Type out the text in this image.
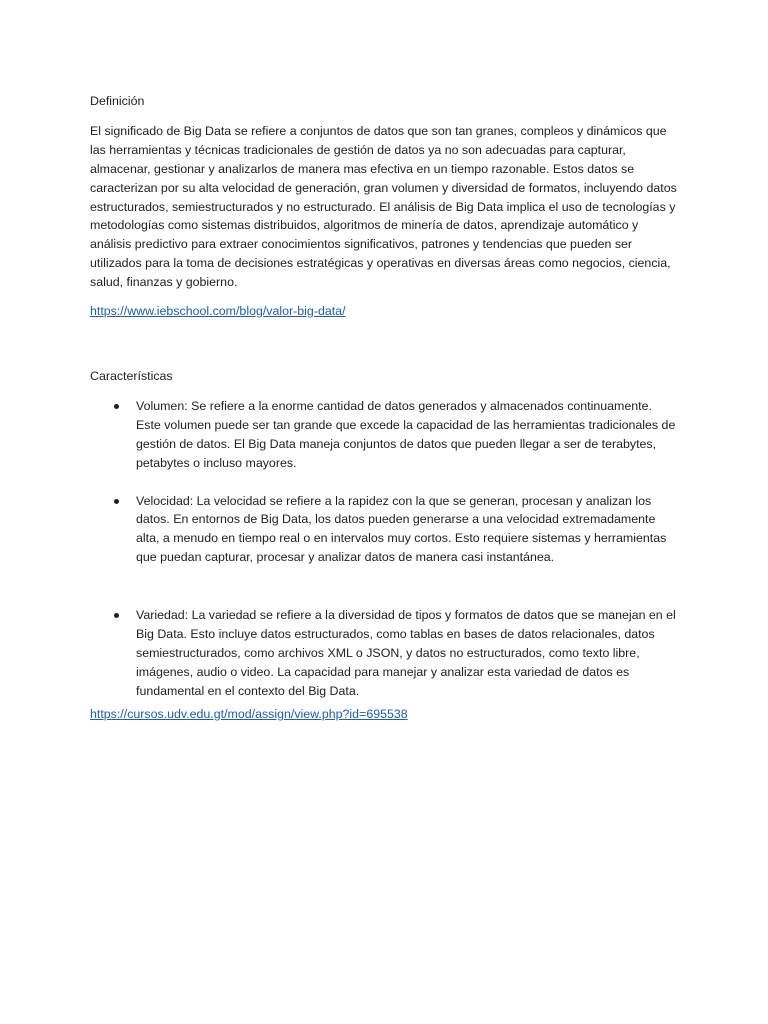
Definición

El significado de Big Data se refiere a conjuntos de datos que son tan granes, compleos y dinámicos que las herramientas y técnicas tradicionales de gestión de datos ya no son adecuadas para capturar, almacenar, gestionar y analizarlos de manera mas efectiva en un tiempo razonable. Estos datos se caracterizan por su alta velocidad de generación, gran volumen y diversidad de formatos, incluyendo datos estructurados, semiestructurados y no estructurado. El análisis de Big Data implica el uso de tecnologías y metodologías como sistemas distribuidos, algoritmos de minería de datos, aprendizaje automático y análisis predictivo para extraer conocimientos significativos, patrones y tendencias que pueden ser utilizados para la toma de decisiones estratégicas y operativas en diversas áreas como negocios, ciencia, salud, finanzas y gobierno.

https://www.iebschool.com/blog/valor-big-data/

Características

Volumen: Se refiere a la enorme cantidad de datos generados y almacenados continuamente. Este volumen puede ser tan grande que excede la capacidad de las herramientas tradicionales de gestión de datos. El Big Data maneja conjuntos de datos que pueden llegar a ser de terabytes, petabytes o incluso mayores.
Velocidad: La velocidad se refiere a la rapidez con la que se generan, procesan y analizan los datos. En entornos de Big Data, los datos pueden generarse a una velocidad extremadamente alta, a menudo en tiempo real o en intervalos muy cortos. Esto requiere sistemas y herramientas que puedan capturar, procesar y analizar datos de manera casi instantánea.
Variedad: La variedad se refiere a la diversidad de tipos y formatos de datos que se manejan en el Big Data. Esto incluye datos estructurados, como tablas en bases de datos relacionales, datos semiestructurados, como archivos XML o JSON, y datos no estructurados, como texto libre, imágenes, audio o video. La capacidad para manejar y analizar esta variedad de datos es fundamental en el contexto del Big Data.

https://cursos.udv.edu.gt/mod/assign/view.php?id=695538
